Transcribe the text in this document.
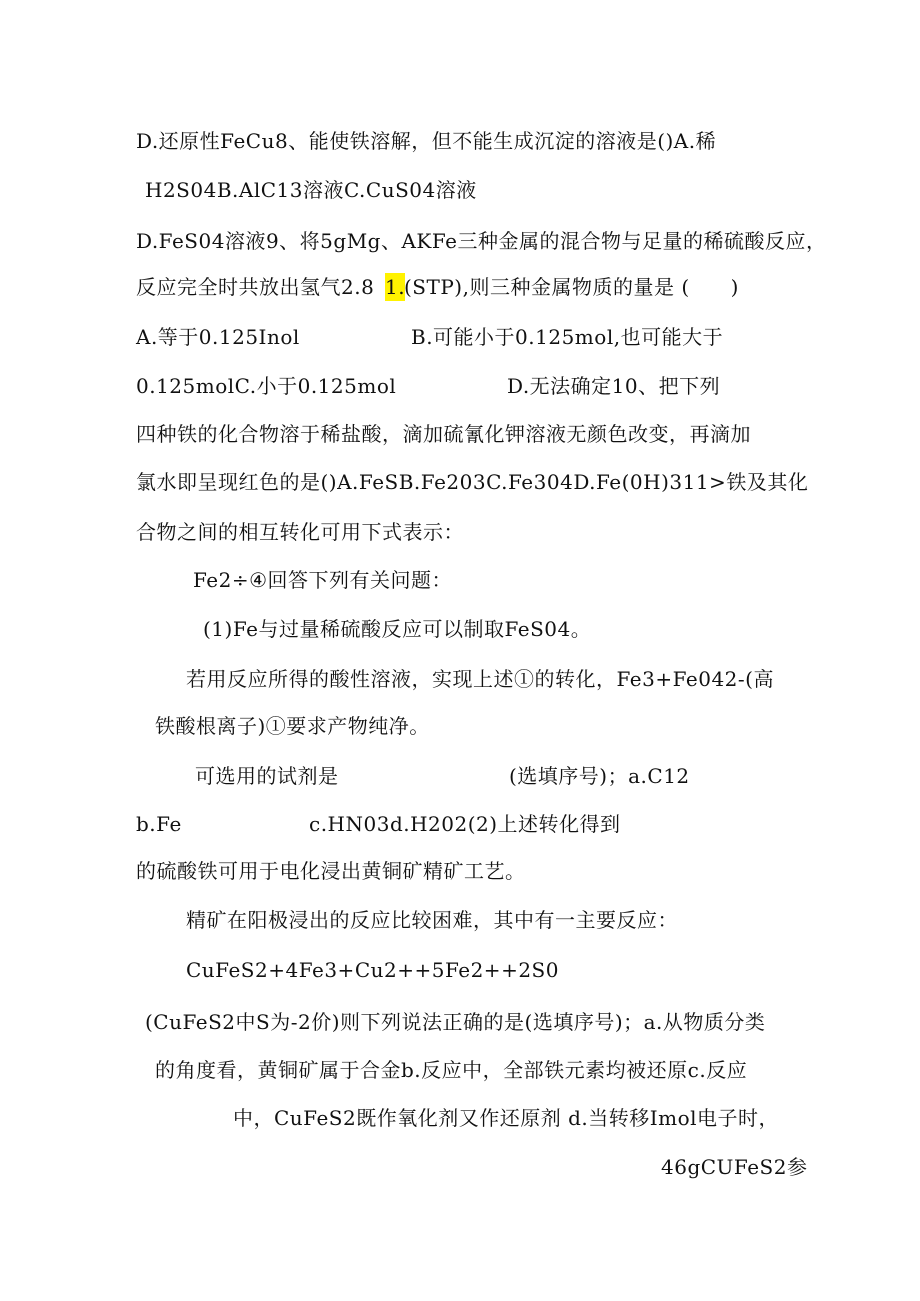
D.还原性FeCu8、能使铁溶解，但不能生成沉淀的溶液是()A.稀
H2S04B.AlC13溶液C.CuS04溶液
D.FeS04溶液9、将5gMg、AKFe三种金属的混合物与足量的稀硫酸反应，
反应完全时共放出氢气2.8 1.
(STP),则三种金属物质的量是 (　　)
A.等于0.125Inol	B.可能小于0.125mol,也可能大于
0.125molC.小于0.125mol	D.无法确定10、把下列
四种铁的化合物溶于稀盐酸，滴加硫氰化钾溶液无颜色改变，再滴加
氯水即呈现红色的是()A.FeSB.Fe203C.Fe304D.Fe(0H)311>铁及其化
合物之间的相互转化可用下式表示：
Fe2÷④回答下列有关问题：
(1)Fe与过量稀硫酸反应可以制取FeS04。
若用反应所得的酸性溶液，实现上述①的转化，Fe3+Fe042-(高
铁酸根离子)①要求产物纯净。
可选用的试剂是	(选填序号)；a.C12
b.Fe	c.HN03d.H202(2)上述转化得到
的硫酸铁可用于电化浸出黄铜矿精矿工艺。
精矿在阳极浸出的反应比较困难，其中有一主要反应：
CuFeS2+4Fe3+Cu2++5Fe2++2S0
(CuFeS2中S为-2价)则下列说法正确的是(选填序号)；a.从物质分类
的角度看，黄铜矿属于合金b.反应中，全部铁元素均被还原c.反应
中，CuFeS2既作氧化剂又作还原剂 d.当转移Imol电子时，
46gCUFeS2参
